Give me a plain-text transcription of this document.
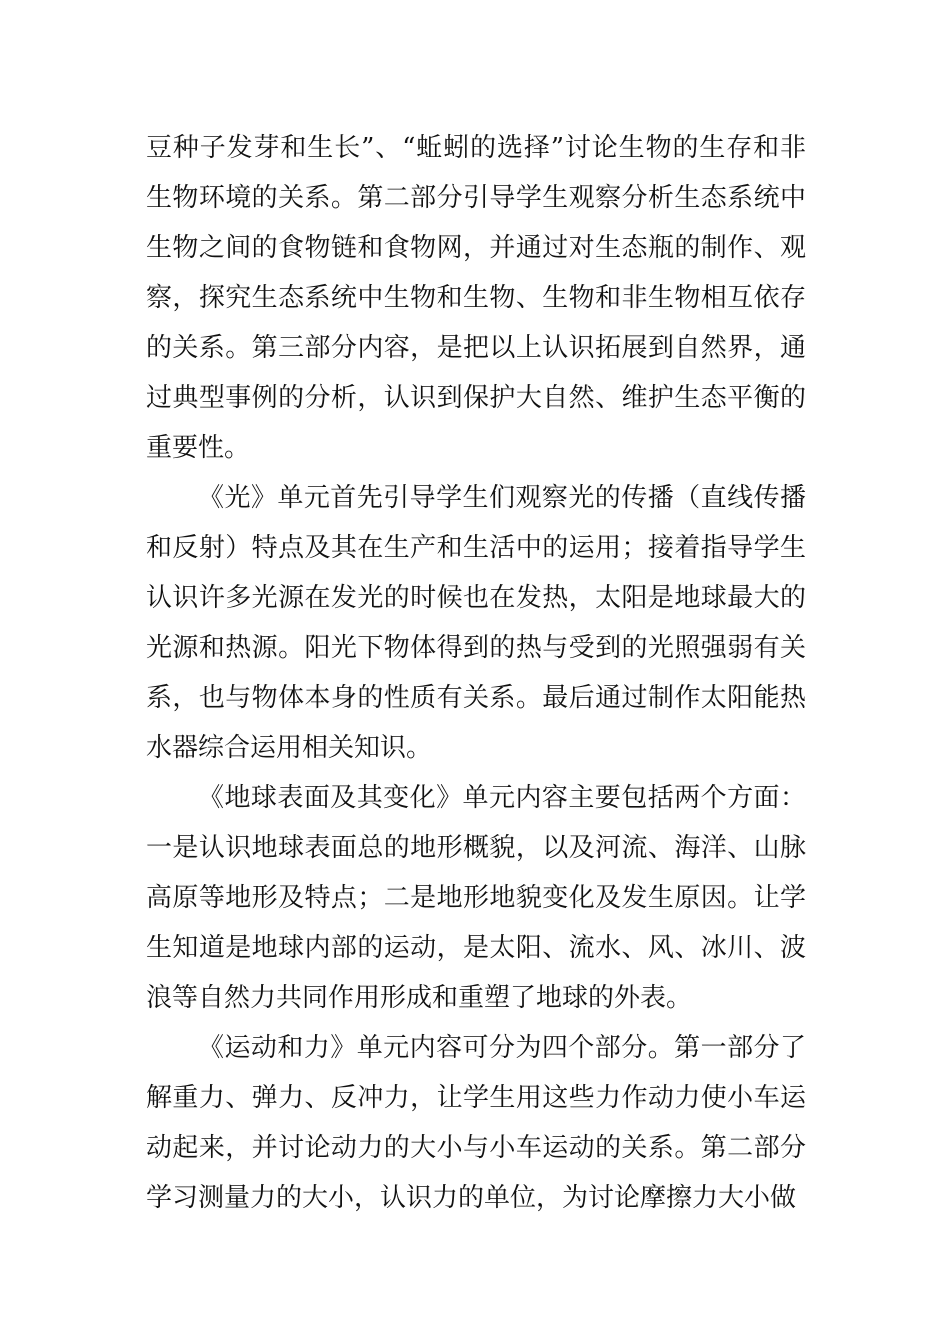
豆种子发芽和生长”、“蚯蚓的选择”讨论生物的生存和非生物环境的关系。第二部分引导学生观察分析生态系统中生物之间的食物链和食物网，并通过对生态瓶的制作、观察，探究生态系统中生物和生物、生物和非生物相互依存的关系。第三部分内容，是把以上认识拓展到自然界，通过典型事例的分析，认识到保护大自然、维护生态平衡的重要性。

《光》单元首先引导学生们观察光的传播（直线传播和反射）特点及其在生产和生活中的运用；接着指导学生认识许多光源在发光的时候也在发热，太阳是地球最大的光源和热源。阳光下物体得到的热与受到的光照强弱有关系，也与物体本身的性质有关系。最后通过制作太阳能热水器综合运用相关知识。

《地球表面及其变化》单元内容主要包括两个方面：一是认识地球表面总的地形概貌，以及河流、海洋、山脉高原等地形及特点；二是地形地貌变化及发生原因。让学生知道是地球内部的运动，是太阳、流水、风、冰川、波浪等自然力共同作用形成和重塑了地球的外表。

《运动和力》单元内容可分为四个部分。第一部分了解重力、弹力、反冲力，让学生用这些力作动力使小车运动起来，并讨论动力的大小与小车运动的关系。第二部分学习测量力的大小，认识力的单位，为讨论摩擦力大小做
